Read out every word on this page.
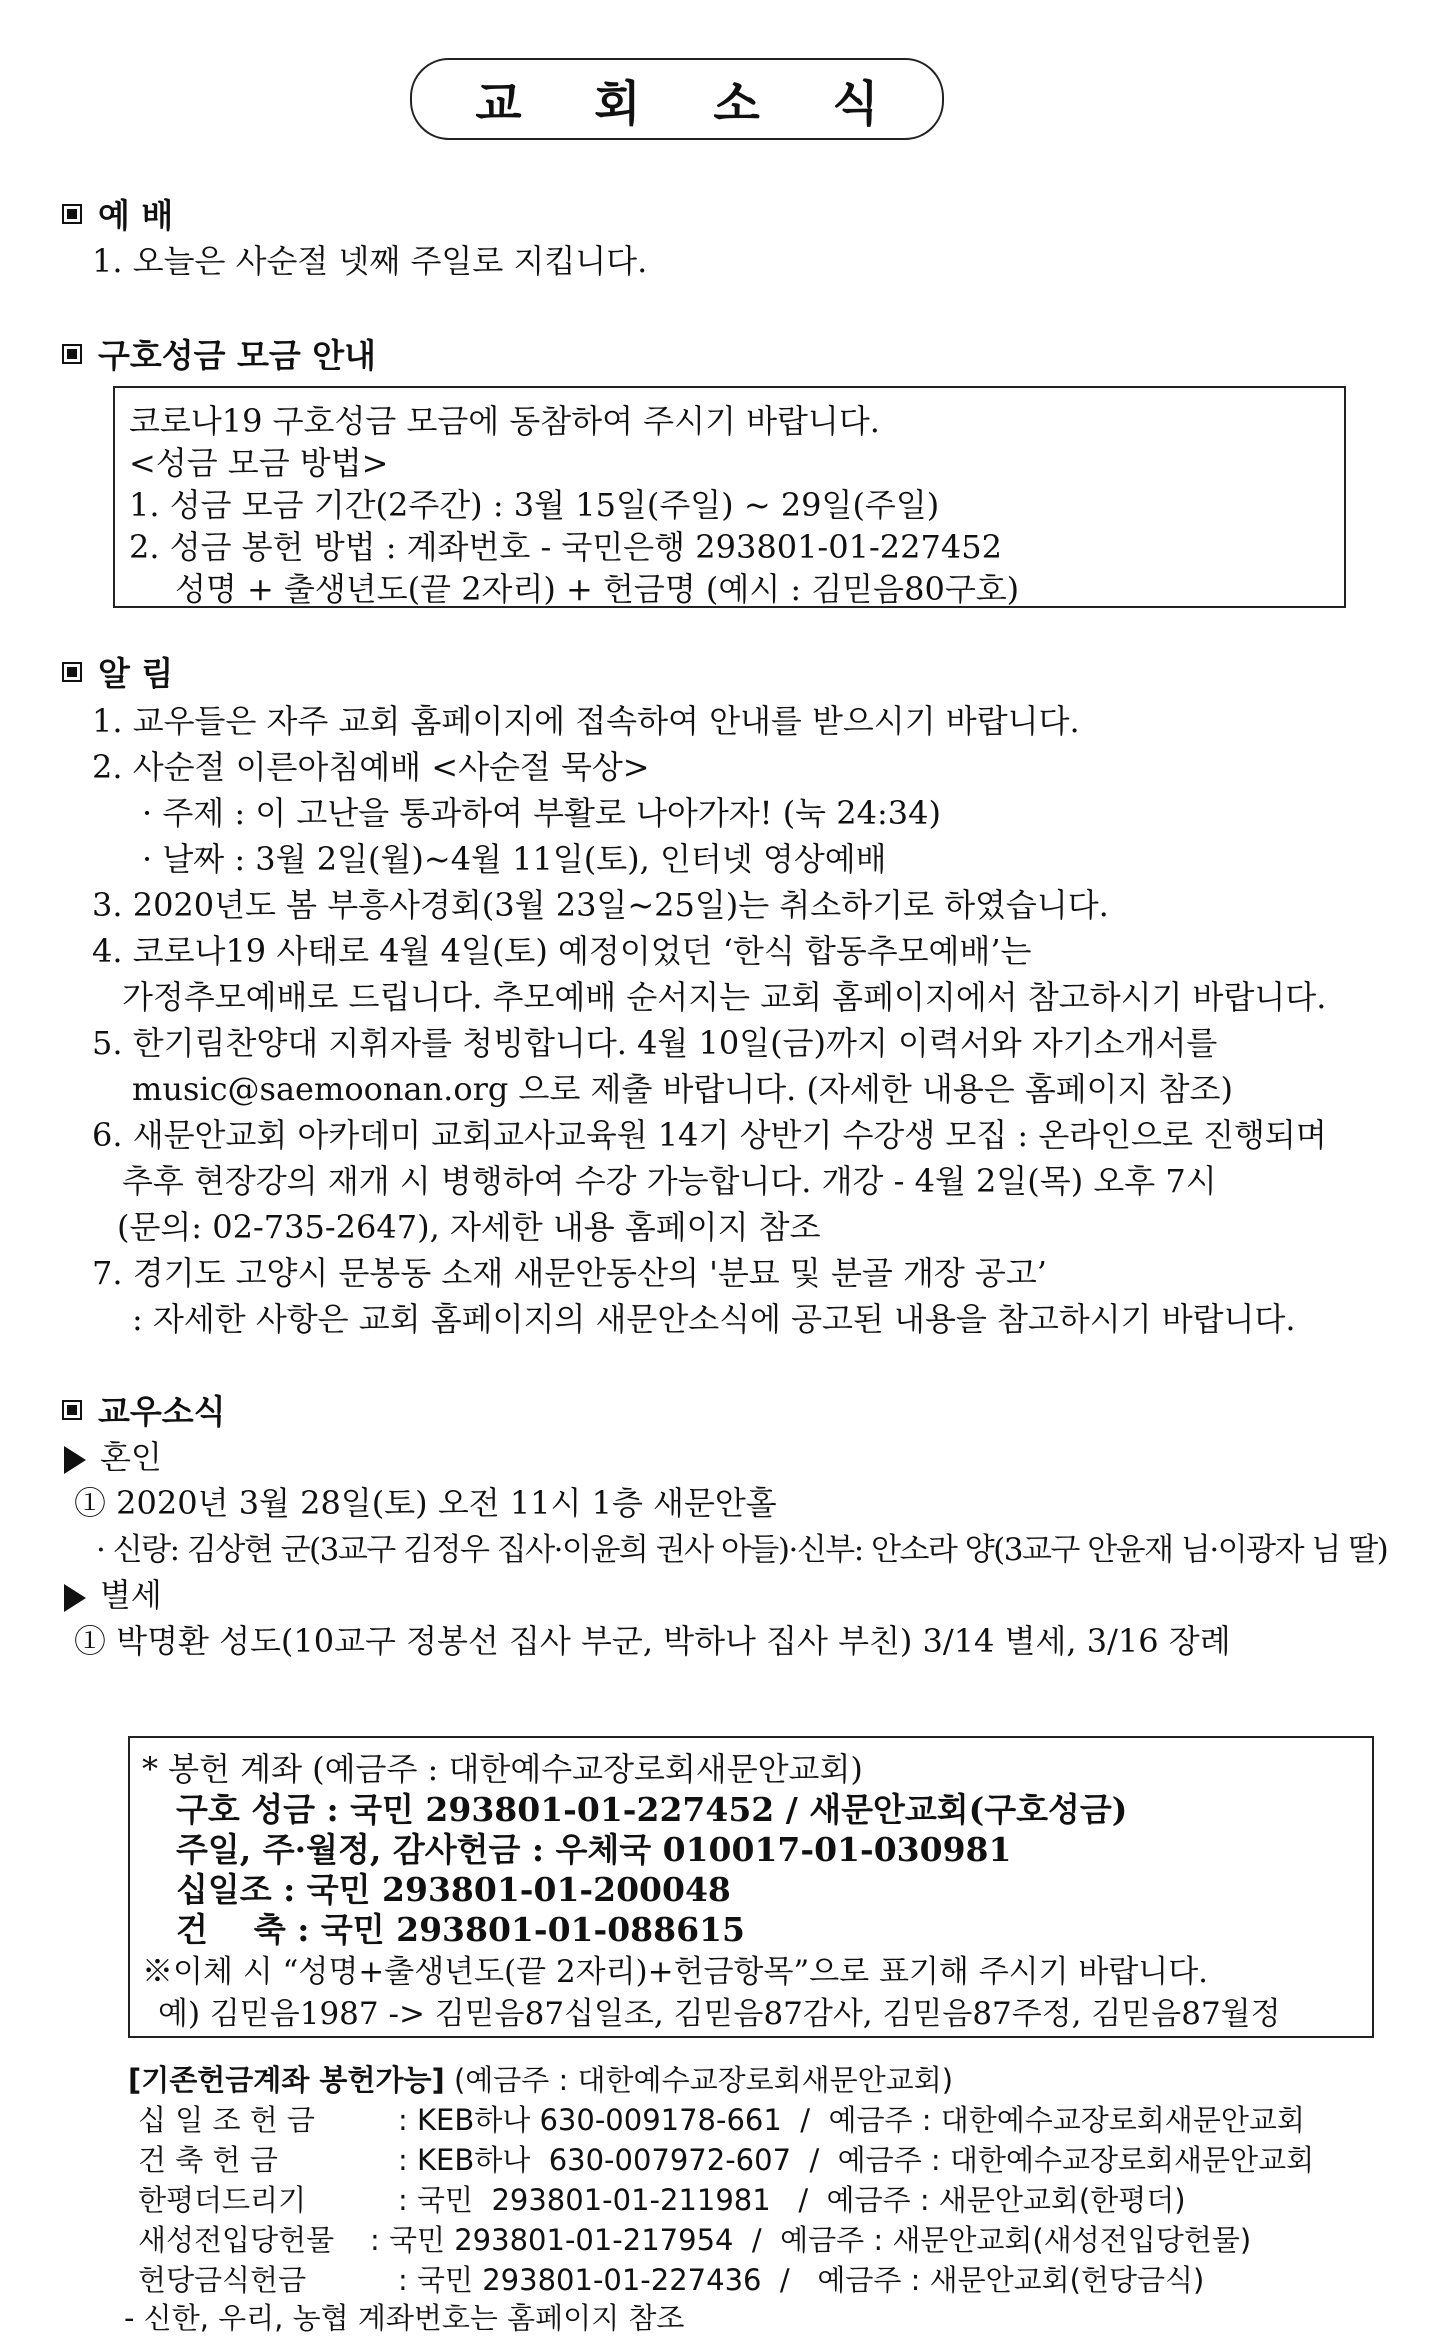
교 회 소 식
예 배
1. 오늘은 사순절 넷째 주일로 지킵니다.
구호성금 모금 안내
코로나19 구호성금 모금에 동참하여 주시기 바랍니다.
<성금 모금 방법>
1. 성금 모금 기간(2주간) : 3월 15일(주일) ~ 29일(주일)
2. 성금 봉헌 방법 : 계좌번호 - 국민은행 293801-01-227452
성명 + 출생년도(끝 2자리) + 헌금명 (예시 : 김믿음80구호)
알 림
1. 교우들은 자주 교회 홈페이지에 접속하여 안내를 받으시기 바랍니다.
2. 사순절 이른아침예배 <사순절 묵상>
· 주제 : 이 고난을 통과하여 부활로 나아가자! (눅 24:34)
· 날짜 : 3월 2일(월)~4월 11일(토), 인터넷 영상예배
3. 2020년도 봄 부흥사경회(3월 23일~25일)는 취소하기로 하였습니다.
4. 코로나19 사태로 4월 4일(토) 예정이었던 ‘한식 합동추모예배’는
가정추모예배로 드립니다. 추모예배 순서지는 교회 홈페이지에서 참고하시기 바랍니다.
5. 한기림찬양대 지휘자를 청빙합니다. 4월 10일(금)까지 이력서와 자기소개서를
music@saemoonan.org 으로 제출 바랍니다. (자세한 내용은 홈페이지 참조)
6. 새문안교회 아카데미 교회교사교육원 14기 상반기 수강생 모집 : 온라인으로 진행되며
추후 현장강의 재개 시 병행하여 수강 가능합니다. 개강 - 4월 2일(목) 오후 7시
(문의: 02-735-2647), 자세한 내용 홈페이지 참조
7. 경기도 고양시 문봉동 소재 새문안동산의 '분묘 및 분골 개장 공고’
: 자세한 사항은 교회 홈페이지의 새문안소식에 공고된 내용을 참고하시기 바랍니다.
교우소식
혼인
① 2020년 3월 28일(토) 오전 11시 1층 새문안홀
· 신랑: 김상현 군(3교구 김정우 집사·이윤희 권사 아들)·신부: 안소라 양(3교구 안윤재 님·이광자 님 딸)
별세
① 박명환 성도(10교구 정봉선 집사 부군, 박하나 집사 부친) 3/14 별세, 3/16 장례
* 봉헌 계좌 (예금주 : 대한예수교장로회새문안교회)
구호 성금 : 국민 293801-01-227452 / 새문안교회(구호성금)
주일, 주·월정, 감사헌금 : 우체국 010017-01-030981
십일조 : 국민 293801-01-200048
건    축 : 국민 293801-01-088615
※이체 시 “성명+출생년도(끝 2자리)+헌금항목”으로 표기해 주시기 바랍니다.
예) 김믿음1987 -> 김믿음87십일조, 김믿음87감사, 김믿음87주정, 김믿음87월정
[기존헌금계좌 봉헌가능] (예금주 : 대한예수교장로회새문안교회)
십 일 조 헌 금	: KEB하나 630-009178-661  /  예금주 : 대한예수교장로회새문안교회
건 축 헌 금	: KEB하나  630-007972-607  /  예금주 : 대한예수교장로회새문안교회
한평더드리기	: 국민  293801-01-211981   /  예금주 : 새문안교회(한평더)
새성전입당헌물 : 국민 293801-01-217954  /  예금주 : 새문안교회(새성전입당헌물)
헌당금식헌금	: 국민 293801-01-227436  /   예금주 : 새문안교회(헌당금식)
- 신한, 우리, 농협 계좌번호는 홈페이지 참조
